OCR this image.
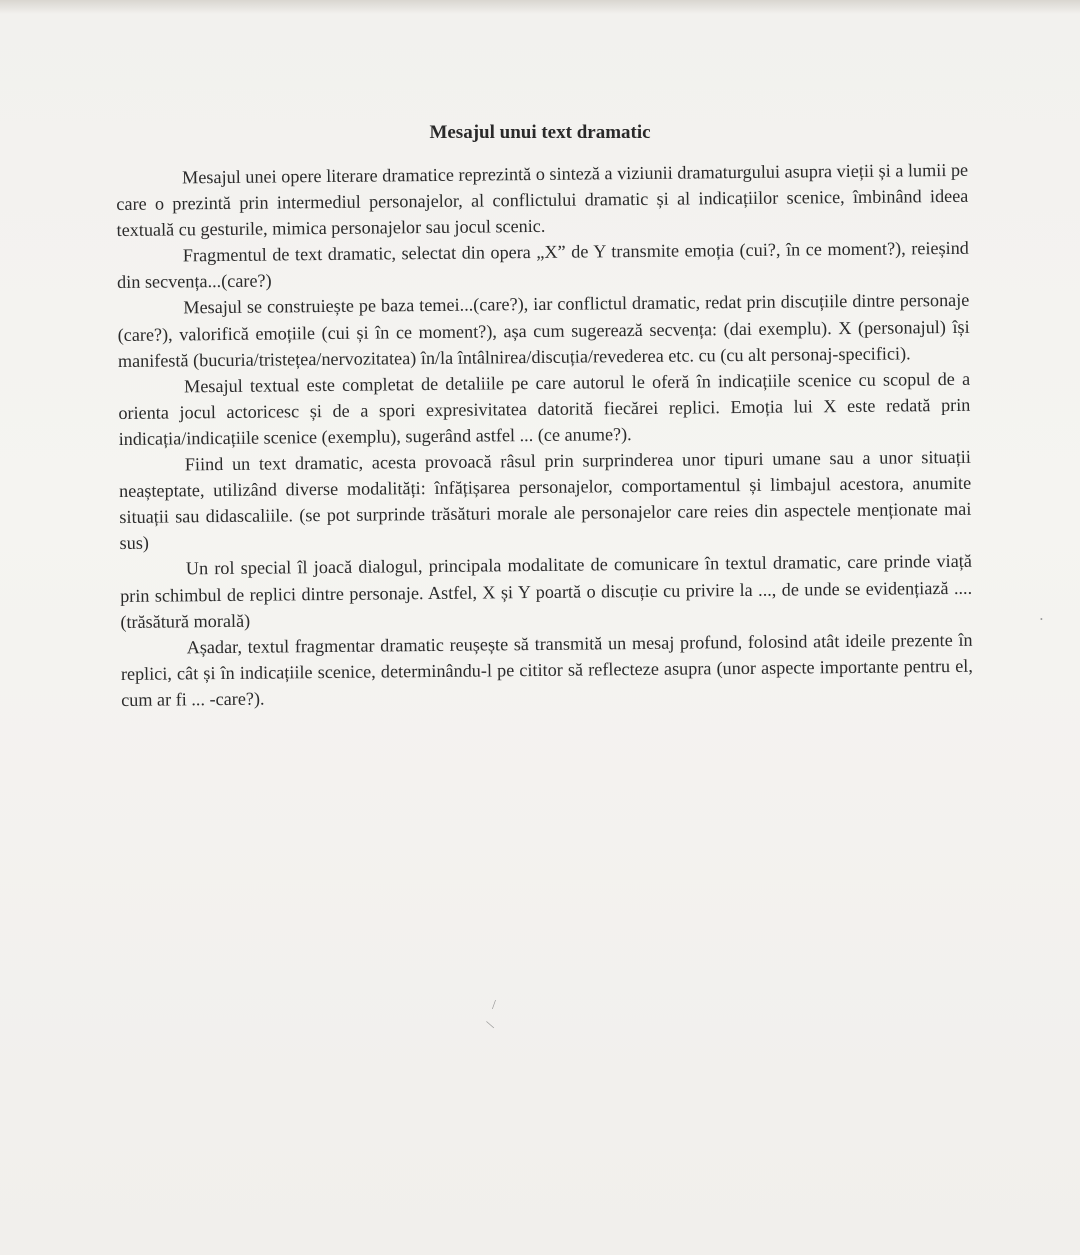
Mesajul unui text dramatic

Mesajul unei opere literare dramatice reprezintă o sinteză a viziunii dramaturgului asupra vieții și a lumii pe care o prezintă prin intermediul personajelor, al conflictului dramatic și al indicațiilor scenice, îmbinând ideea textuală cu gesturile, mimica personajelor sau jocul scenic.

Fragmentul de text dramatic, selectat din opera „X” de Y transmite emoția (cui?, în ce moment?), reieșind din secvența...(care?)

Mesajul se construiește pe baza temei...(care?), iar conflictul dramatic, redat prin discuțiile dintre personaje (care?), valorifică emoțiile (cui și în ce moment?), așa cum sugerează secvența: (dai exemplu). X (personajul) își manifestă (bucuria/tristețea/nervozitatea) în/la întâlnirea/discuția/revederea etc. cu (cu alt personaj-specifici).

Mesajul textual este completat de detaliile pe care autorul le oferă în indicațiile scenice cu scopul de a orienta jocul actoricesc și de a spori expresivitatea datorită fiecărei replici. Emoția lui X este redată prin indicația/indicațiile scenice (exemplu), sugerând astfel ... (ce anume?).

Fiind un text dramatic, acesta provoacă râsul prin surprinderea unor tipuri umane sau a unor situații neașteptate, utilizând diverse modalități: înfățișarea personajelor, comportamentul și limbajul acestora, anumite situații sau didascaliile. (se pot surprinde trăsături morale ale personajelor care reies din aspectele menționate mai sus)

Un rol special îl joacă dialogul, principala modalitate de comunicare în textul dramatic, care prinde viață prin schimbul de replici dintre personaje. Astfel, X și Y poartă o discuție cu privire la ..., de unde se evidențiază .... (trăsătură morală)

Așadar, textul fragmentar dramatic reușește să transmită un mesaj profund, folosind atât ideile prezente în replici, cât și în indicațiile scenice, determinându-l pe cititor să reflecteze asupra (unor aspecte importante pentru el, cum ar fi ... -care?).

/
\
•
